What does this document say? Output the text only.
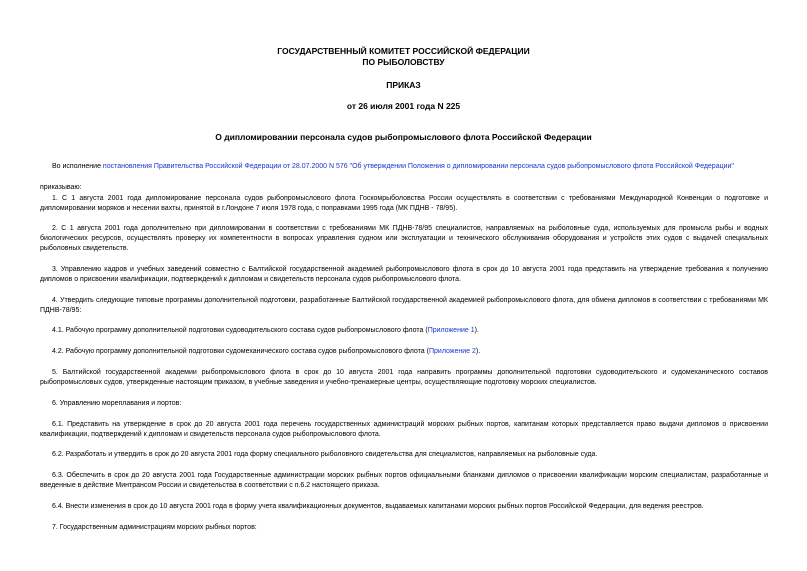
ГОСУДАРСТВЕННЫЙ КОМИТЕТ РОССИЙСКОЙ ФЕДЕРАЦИИ

ПО РЫБОЛОВСТВУ

ПРИКАЗ

от 26 июля 2001 года N 225

О дипломировании персонала судов рыбопромыслового флота Российской Федерации

Во исполнение постановления Правительства Российской Федерации от 28.07.2000 N 576 "Об утверждении Положения о дипломировании персонала судов рыбопромыслового флота Российской Федерации"

приказываю:

1. С 1 августа 2001 года дипломирование персонала судов рыбопромыслового флота Госкомрыболовства России осуществлять в соответствии с требованиями Международной Конвенции о подготовке и дипломировании моряков и несении вахты, принятой в г.Лондоне 7 июля 1978 года, с поправками 1995 года (МК ПДНВ - 78/95).

2. С 1 августа 2001 года дополнительно при дипломировании в соответствии с требованиями МК ПДНВ-78/95 специалистов, направляемых на рыболовные суда, используемых для промысла рыбы и водных биологических ресурсов, осуществлять проверку их компетентности в вопросах управления судном или эксплуатации и технического обслуживания оборудования и устройств этих судов с выдачей специальных рыболовных свидетельств.

3. Управлению кадров и учебных заведений совместно с Балтийской государственной академией рыбопромыслового флота в срок до 10 августа 2001 года представить на утверждение требования к получению дипломов о присвоении квалификации, подтверждений к дипломам и свидетельств персонала судов рыбопромыслового флота.

4. Утвердить следующие типовые программы дополнительной подготовки, разработанные Балтийской государственной академией рыбопромыслового флота, для обмена дипломов в соответствии с требованиями МК ПДНВ-78/95:

4.1. Рабочую программу дополнительной подготовки судоводительского состава судов рыбопромыслового флота (Приложение 1).

4.2. Рабочую программу дополнительной подготовки судомеханического состава судов рыбопромыслового флота (Приложение 2).

5. Балтийской государственной академии рыбопромыслового флота в срок до 10 августа 2001 года направить программы дополнительной подготовки судоводительского и судомеханического составов рыбопромысловых судов, утвержденные настоящим приказом, в учебные заведения и учебно-тренажерные центры, осуществляющие подготовку морских специалистов.

6. Управлению мореплавания и портов:

6.1. Представить на утверждение в срок до 20 августа 2001 года перечень государственных администраций морских рыбных портов, капитанам которых представляется право выдачи дипломов о присвоении квалификации, подтверждений к дипломам и свидетельств персонала судов рыбопромыслового флота.

6.2. Разработать и утвердить в срок до 20 августа 2001 года форму специального рыболовного свидетельства для специалистов, направляемых на рыболовные суда.

6.3. Обеспечить в срок до 20 августа 2001 года Государственные администрации морских рыбных портов официальными бланками дипломов о присвоении квалификации морским специалистам, разработанные и введенные в действие Минтрансом России и свидетельства в соответствии с п.6.2 настоящего приказа.

6.4. Внести изменения в срок до 10 августа 2001 года в форму учета квалификационных документов, выдаваемых капитанами морских рыбных портов Российской Федерации, для ведения реестров.

7. Государственным администрациям морских рыбных портов:
